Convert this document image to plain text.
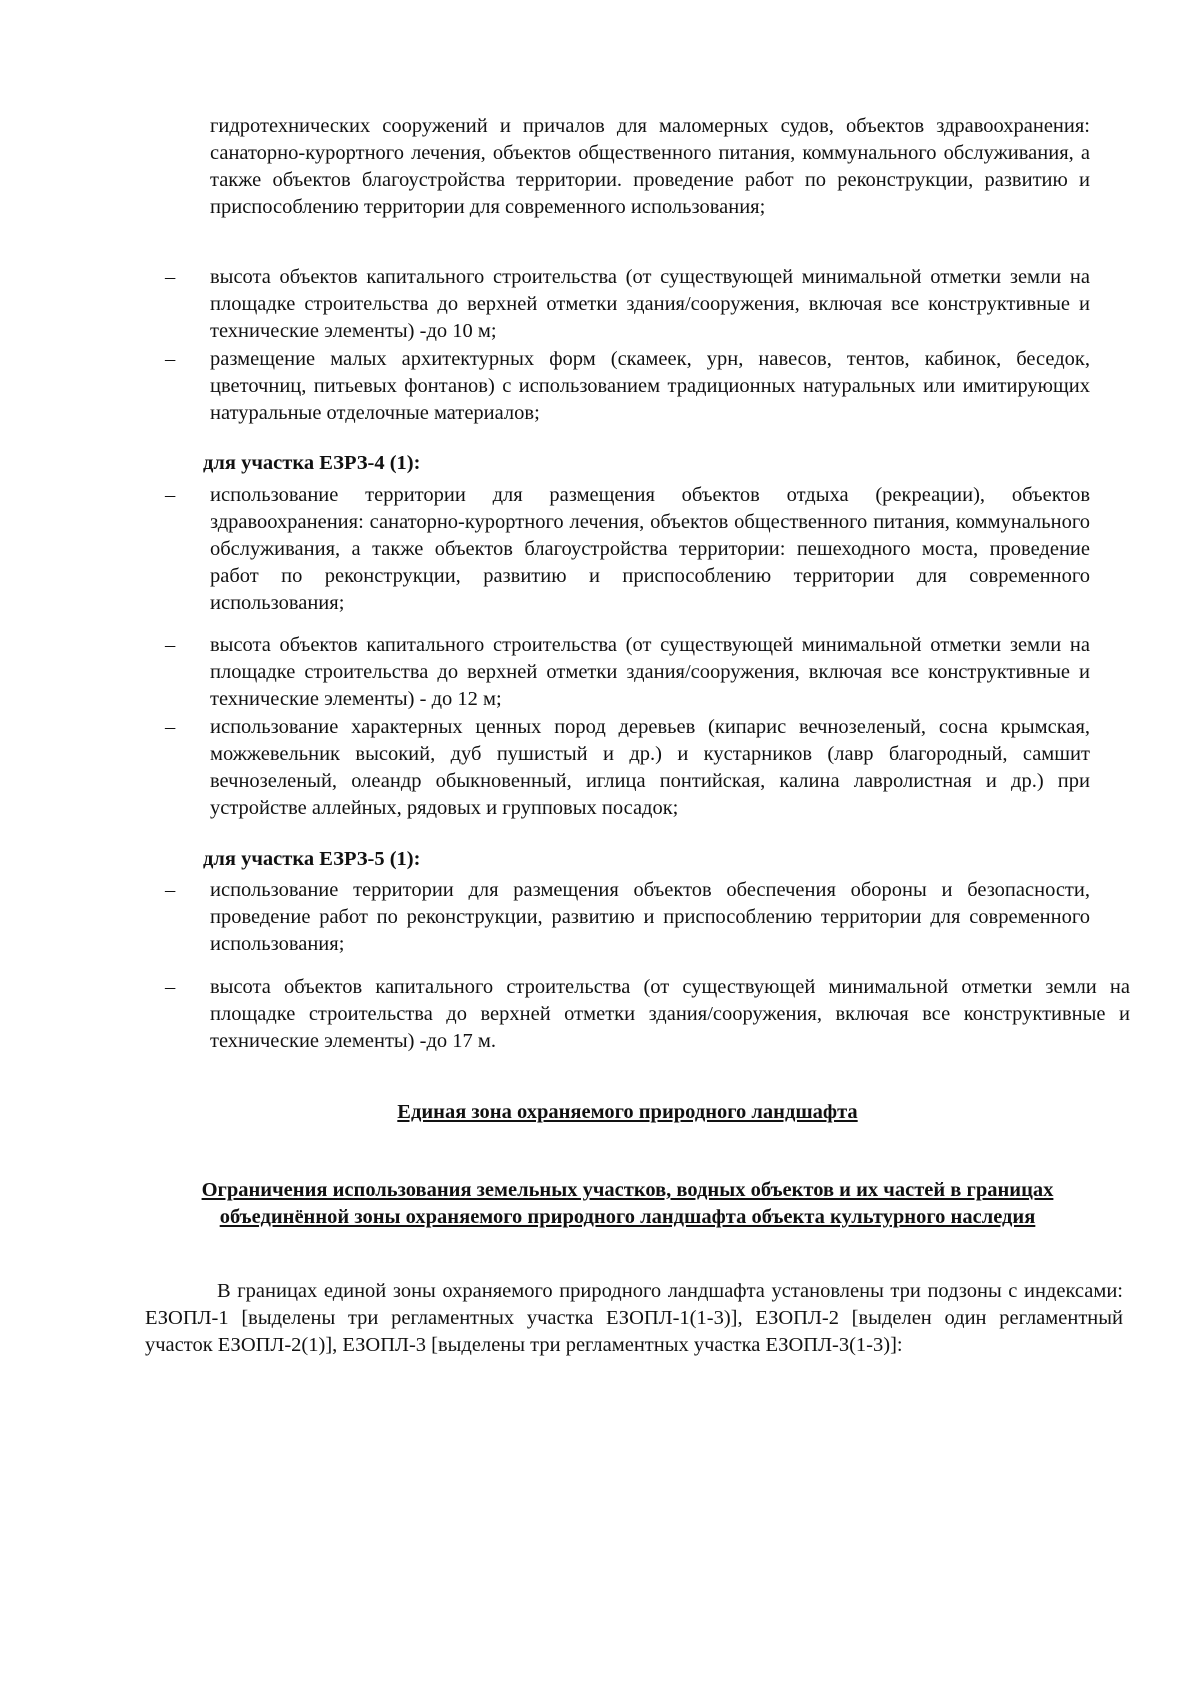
гидротехнических сооружений и причалов для маломерных судов, объектов здравоохранения: санаторно-курортного лечения, объектов общественного питания, коммунального обслуживания, а также объектов благоустройства территории. проведение работ по реконструкции, развитию и приспособлению территории для современного использования;
–	высота объектов капитального строительства (от существующей минимальной отметки земли на площадке строительства до верхней отметки здания/сооружения, включая все конструктивные и технические элементы) -до 10 м;
–	размещение малых архитектурных форм (скамеек, урн, навесов, тентов, кабинок, беседок, цветочниц, питьевых фонтанов) с использованием традиционных натуральных или имитирующих натуральные отделочные материалов;
для участка ЕЗРЗ-4 (1):
–	использование территории для размещения объектов отдыха (рекреации), объектов здравоохранения: санаторно-курортного лечения, объектов общественного питания, коммунального обслуживания, а также объектов благоустройства территории: пешеходного моста, проведение работ по реконструкции, развитию и приспособлению территории для современного использования;
–	высота объектов капитального строительства (от существующей минимальной отметки земли на площадке строительства до верхней отметки здания/сооружения, включая все конструктивные и технические элементы) - до 12 м;
–	использование характерных ценных пород деревьев (кипарис вечнозеленый, сосна крымская, можжевельник высокий, дуб пушистый и др.) и кустарников (лавр благородный, самшит вечнозеленый, олеандр обыкновенный, иглица понтийская, калина лавролистная и др.) при устройстве аллейных, рядовых и групповых посадок;
для участка ЕЗРЗ-5 (1):
–	использование территории для размещения объектов обеспечения обороны и безопасности, проведение работ по реконструкции, развитию и приспособлению территории для современного использования;
–	высота объектов капитального строительства (от существующей минимальной отметки земли на площадке строительства до верхней отметки здания/сооружения, включая все конструктивные и технические элементы) -до 17 м.
Единая зона охраняемого природного ландшафта
Ограничения использования земельных участков, водных объектов и их частей в границах объединённой зоны охраняемого природного ландшафта объекта культурного наследия
В границах единой зоны охраняемого природного ландшафта установлены три подзоны с индексами: ЕЗОПЛ-1 [выделены три регламентных участка ЕЗОПЛ-1(1-3)], ЕЗОПЛ-2 [выделен один регламентный участок ЕЗОПЛ-2(1)], ЕЗОПЛ-3 [выделены три регламентных участка ЕЗОПЛ-3(1-3)]:
